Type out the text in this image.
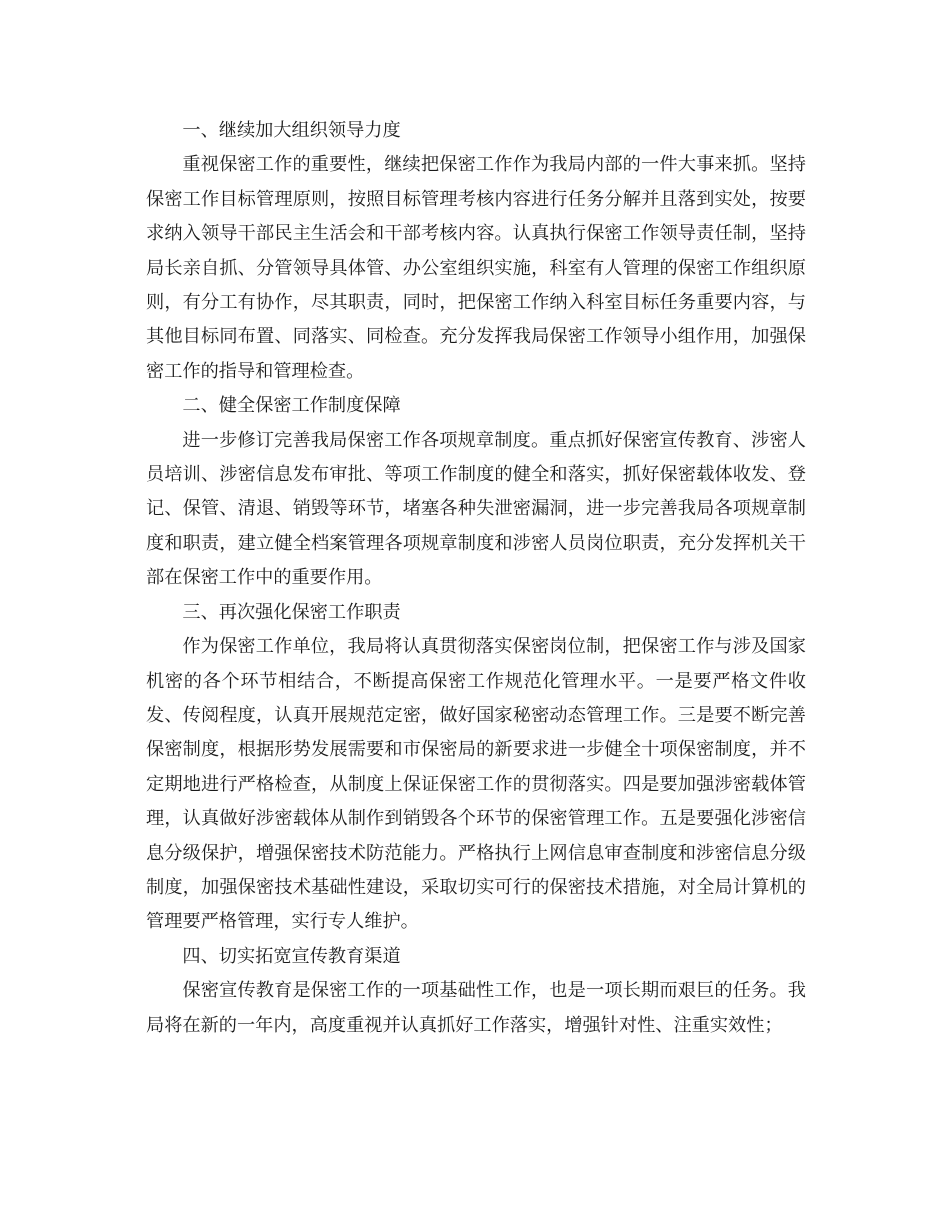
一、继续加大组织领导力度

重视保密工作的重要性，继续把保密工作作为我局内部的一件大事来抓。坚持保密工作目标管理原则，按照目标管理考核内容进行任务分解并且落到实处，按要求纳入领导干部民主生活会和干部考核内容。认真执行保密工作领导责任制，坚持局长亲自抓、分管领导具体管、办公室组织实施，科室有人管理的保密工作组织原则，有分工有协作，尽其职责，同时，把保密工作纳入科室目标任务重要内容，与其他目标同布置、同落实、同检查。充分发挥我局保密工作领导小组作用，加强保密工作的指导和管理检查。

二、健全保密工作制度保障

进一步修订完善我局保密工作各项规章制度。重点抓好保密宣传教育、涉密人员培训、涉密信息发布审批、等项工作制度的健全和落实，抓好保密载体收发、登记、保管、清退、销毁等环节，堵塞各种失泄密漏洞，进一步完善我局各项规章制度和职责，建立健全档案管理各项规章制度和涉密人员岗位职责，充分发挥机关干部在保密工作中的重要作用。

三、再次强化保密工作职责

作为保密工作单位，我局将认真贯彻落实保密岗位制，把保密工作与涉及国家机密的各个环节相结合，不断提高保密工作规范化管理水平。一是要严格文件收发、传阅程度，认真开展规范定密，做好国家秘密动态管理工作。三是要不断完善保密制度，根据形势发展需要和市保密局的新要求进一步健全十项保密制度，并不定期地进行严格检查，从制度上保证保密工作的贯彻落实。四是要加强涉密载体管理，认真做好涉密载体从制作到销毁各个环节的保密管理工作。五是要强化涉密信息分级保护，增强保密技术防范能力。严格执行上网信息审查制度和涉密信息分级制度，加强保密技术基础性建设，采取切实可行的保密技术措施，对全局计算机的管理要严格管理，实行专人维护。

四、切实拓宽宣传教育渠道

保密宣传教育是保密工作的一项基础性工作，也是一项长期而艰巨的任务。我局将在新的一年内，高度重视并认真抓好工作落实，增强针对性、注重实效性；
